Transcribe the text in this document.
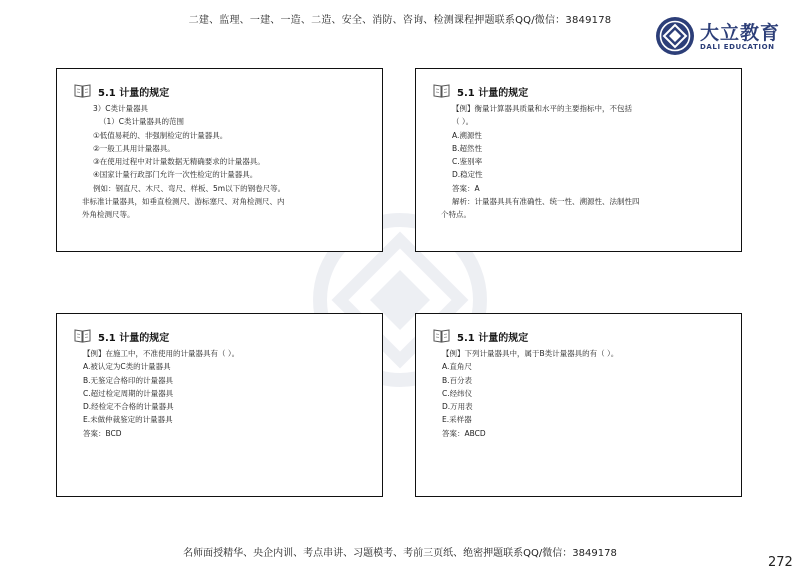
二建、监理、一建、一造、二造、安全、消防、咨询、检测课程押题联系QQ/微信：3849178
大立教育
DALI EDUCATION
5.1 计量的规定
3）C类计量器具
（1）C类计量器具的范围
①低值易耗的、非强制检定的计量器具。
②一般工具用计量器具。
③在使用过程中对计量数据无精确要求的计量器具。
④国家计量行政部门允许一次性检定的计量器具。
例如：钢直尺、木尺、弯尺、样板、5m以下的钢卷尺等。
非标准计量器具，如垂直检测尺、游标塞尺、对角检测尺、内
外角检测尺等。
5.1 计量的规定
【例】衡量计算器具质量和水平的主要指标中，不包括
（ ）。
A.溯源性
B.超然性
C.鉴别率
D.稳定性
答案：A
解析：计量器具具有准确性、统一性、溯源性、法制性四
个特点。
5.1 计量的规定
【例】在施工中，不准使用的计量器具有（ ）。
A.被认定为C类的计量器具
B.无鉴定合格印的计量器具
C.超过检定周期的计量器具
D.经检定不合格的计量器具
E.未做仲裁鉴定的计量器具
答案：BCD
5.1 计量的规定
【例】下列计量器具中，属于B类计量器具的有（ ）。
A.直角尺
B.百分表
C.经纬仪
D.万用表
E.采样器
答案：ABCD
名师面授精华、央企内训、考点串讲、习题模考、考前三页纸、绝密押题联系QQ/微信：3849178
272
